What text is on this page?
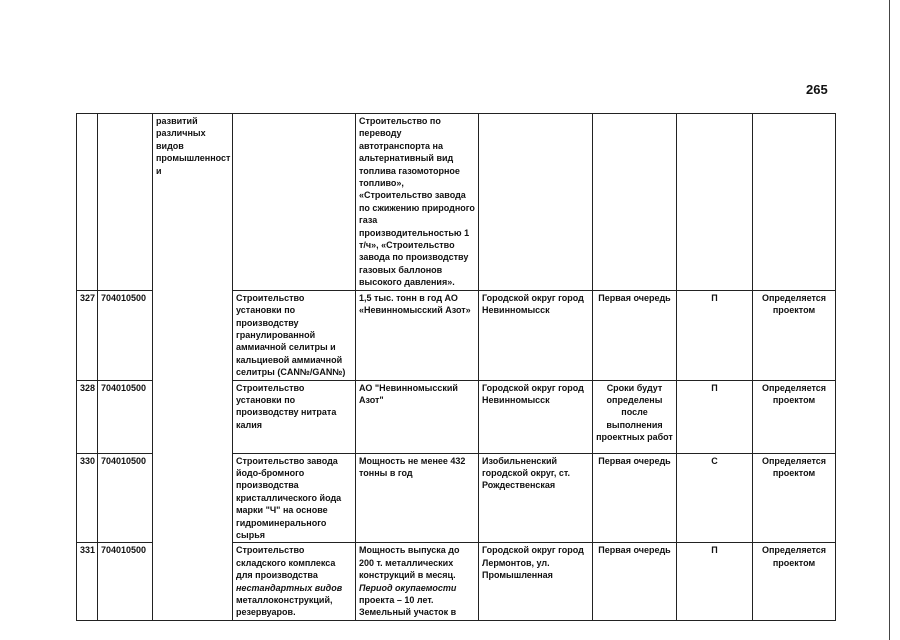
265
		развитий различных видов промышленност и		Строительство по переводу автотранспорта на альтернативный вид топлива газомоторное топливо», «Строительство завода по сжижению природного газа производительностью 1 т/ч», «Строительство завода по производству газовых баллонов высокого давления».				
327	704010500		Строительство установки по производству гранулированной аммиачной селитры и кальциевой аммиачной селитры (CAN№/GAN№)	1,5 тыс. тонн в год АО «Невинномысский Азот»	Городской округ город Невинномысск	Первая очередь	П	Определяется проектом
328	704010500		Строительство установки по производству нитрата калия	АО "Невинномысский Азот"	Городской округ город Невинномысск	Сроки будут определены после выполнения проектных работ	П	Определяется проектом
330	704010500		Строительство завода йодо-бромного производства кристаллического йода марки "Ч" на основе гидроминерального сырья	Мощность не менее 432 тонны в год	Изобильненский городской округ, ст. Рождественская	Первая очередь	С	Определяется проектом
331	704010500		Строительство складского комплекса для производства нестандартных видов металлоконструкций, резервуаров.	Мощность выпуска до 200 т. металлических конструкций в месяц. Период окупаемости проекта – 10 лет. Земельный участок в	Городской округ город Лермонтов, ул. Промышленная	Первая очередь	П	Определяется проектом
